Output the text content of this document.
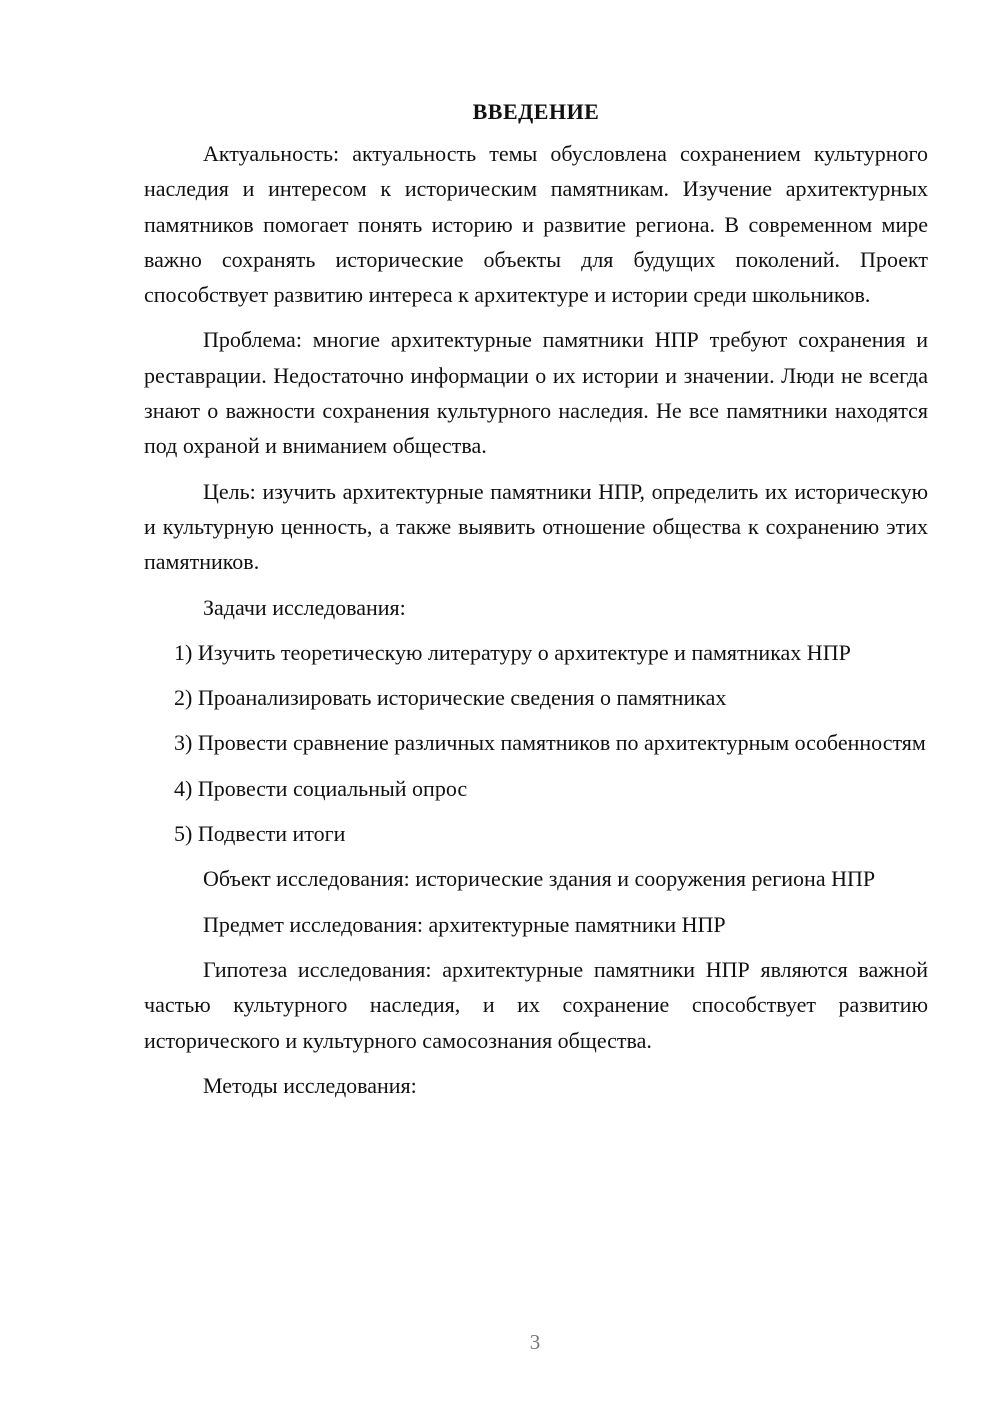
ВВЕДЕНИЕ

Актуальность: актуальность темы обусловлена сохранением культурного наследия и интересом к историческим памятникам. Изучение архитектурных памятников помогает понять историю и развитие региона. В современном мире важно сохранять исторические объекты для будущих поколений. Проект способствует развитию интереса к архитектуре и истории среди школьников.

Проблема: многие архитектурные памятники НПР требуют сохранения и реставрации. Недостаточно информации о их истории и значении. Люди не всегда знают о важности сохранения культурного наследия. Не все памятники находятся под охраной и вниманием общества.

Цель: изучить архитектурные памятники НПР, определить их историческую и культурную ценность, а также выявить отношение общества к сохранению этих памятников.

Задачи исследования:

1) Изучить теоретическую литературу о архитектуре и памятниках НПР

2) Проанализировать исторические сведения о памятниках

3) Провести сравнение различных памятников по архитектурным особенностям

4) Провести социальный опрос

5) Подвести итоги

Объект исследования: исторические здания и сооружения региона НПР

Предмет исследования: архитектурные памятники НПР

Гипотеза исследования: архитектурные памятники НПР являются важной частью культурного наследия, и их сохранение способствует развитию исторического и культурного самосознания общества.

Методы исследования:

3
